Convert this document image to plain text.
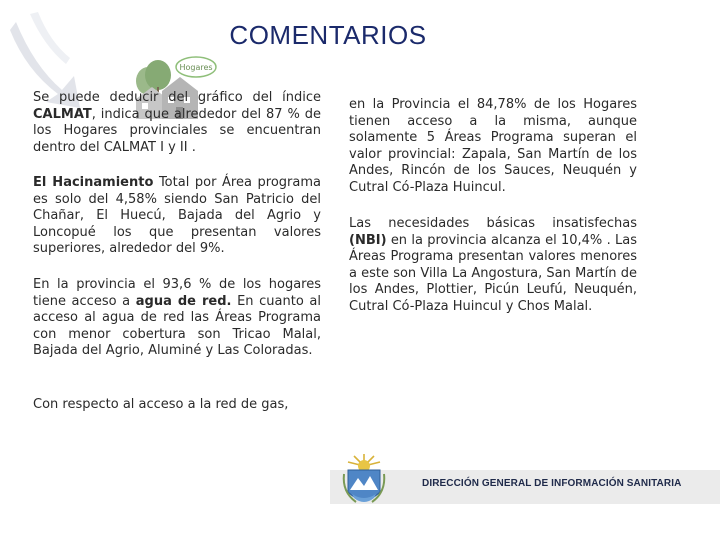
COMENTARIOS
Hogares

Se puede deducir del gráfico del índice CALMAT, indica que alrededor del 87 % de los Hogares provinciales se encuentran dentro del CALMAT I y II .

El Hacinamiento Total por Área programa es solo del 4,58% siendo San Patricio del Chañar, El Huecú, Bajada del Agrio y Loncopué los que presentan valores superiores, alrededor del 9%.

En la provincia el 93,6 % de los hogares tiene acceso a agua de red. En cuanto al acceso al agua de red las Áreas Programa con menor cobertura son Tricao Malal, Bajada del Agrio, Aluminé y Las Coloradas.

Con respecto al acceso a la red de gas,

en la Provincia el 84,78% de los Hogares tienen acceso a la misma, aunque solamente 5 Áreas Programa superan el valor provincial: Zapala, San Martín de los Andes, Rincón de los Sauces, Neuquén y Cutral Có-Plaza Huincul.

Las necesidades básicas insatisfechas (NBI) en la provincia alcanza el 10,4% . Las Áreas Programa presentan valores menores a este son Villa La Angostura, San Martín de los Andes, Plottier, Picún Leufú, Neuquén, Cutral Có-Plaza Huincul y Chos Malal.

DIRECCIÓN GENERAL DE INFORMACIÓN SANITARIA
